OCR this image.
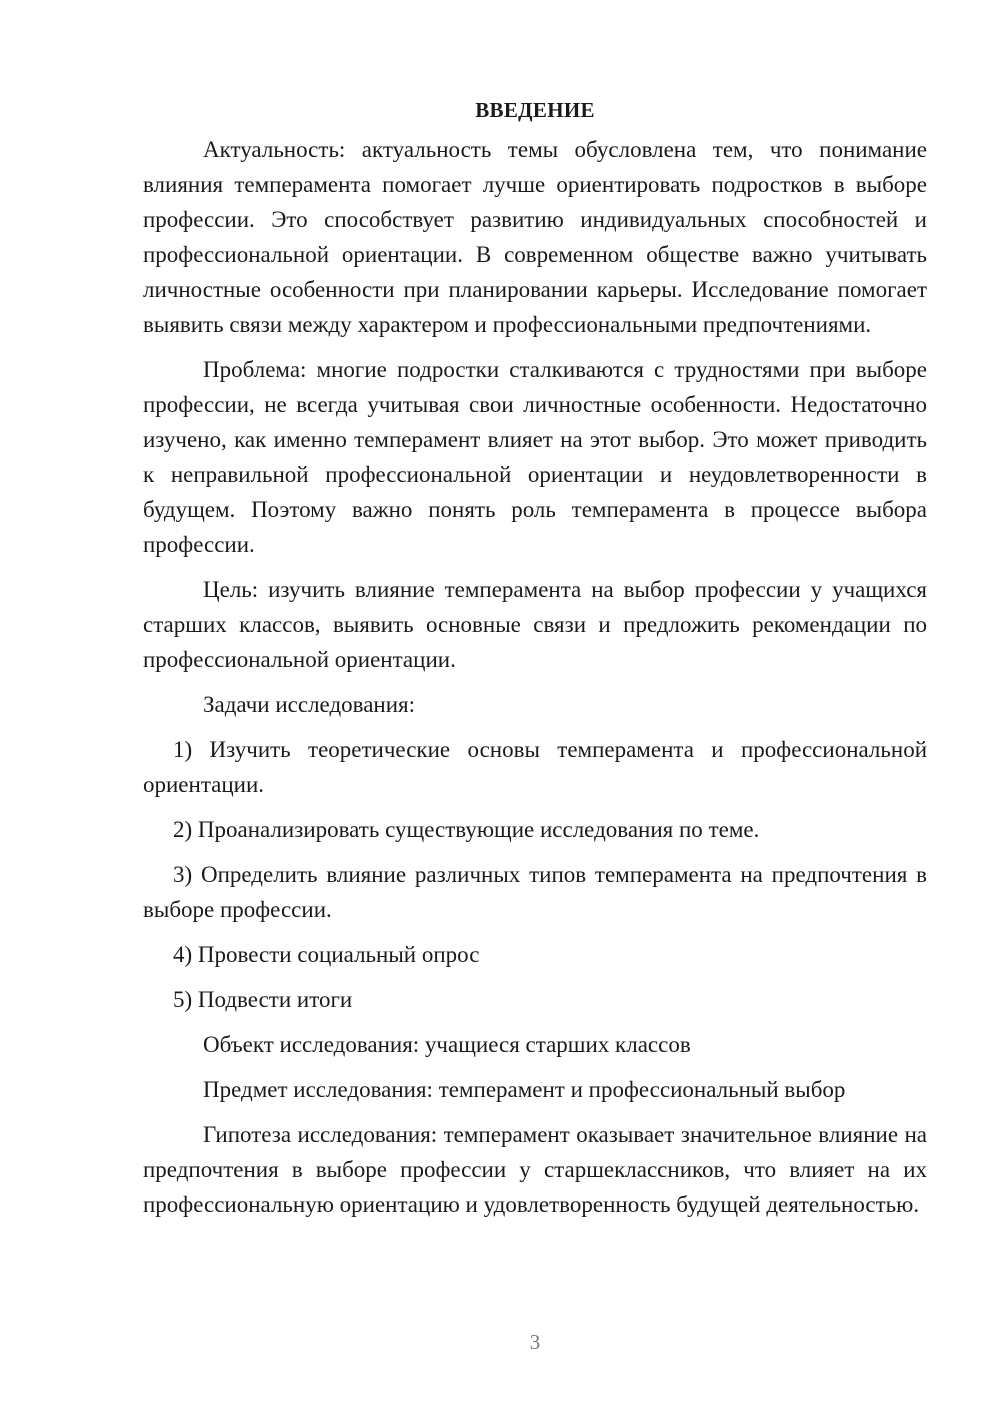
ВВЕДЕНИЕ

Актуальность: актуальность темы обусловлена тем, что понимание влияния темперамента помогает лучше ориентировать подростков в выборе профессии. Это способствует развитию индивидуальных способностей и профессиональной ориентации. В современном обществе важно учитывать личностные особенности при планировании карьеры. Исследование помогает выявить связи между характером и профессиональными предпочтениями.

Проблема: многие подростки сталкиваются с трудностями при выборе профессии, не всегда учитывая свои личностные особенности. Недостаточно изучено, как именно темперамент влияет на этот выбор. Это может приводить к неправильной профессиональной ориентации и неудовлетворенности в будущем. Поэтому важно понять роль темперамента в процессе выбора профессии.

Цель: изучить влияние темперамента на выбор профессии у учащихся старших классов, выявить основные связи и предложить рекомендации по профессиональной ориентации.

Задачи исследования:

1) Изучить теоретические основы темперамента и профессиональной ориентации.

2) Проанализировать существующие исследования по теме.

3) Определить влияние различных типов темперамента на предпочтения в выборе профессии.

4) Провести социальный опрос

5) Подвести итоги

Объект исследования: учащиеся старших классов

Предмет исследования: темперамент и профессиональный выбор

Гипотеза исследования: темперамент оказывает значительное влияние на предпочтения в выборе профессии у старшеклассников, что влияет на их профессиональную ориентацию и удовлетворенность будущей деятельностью.

3
